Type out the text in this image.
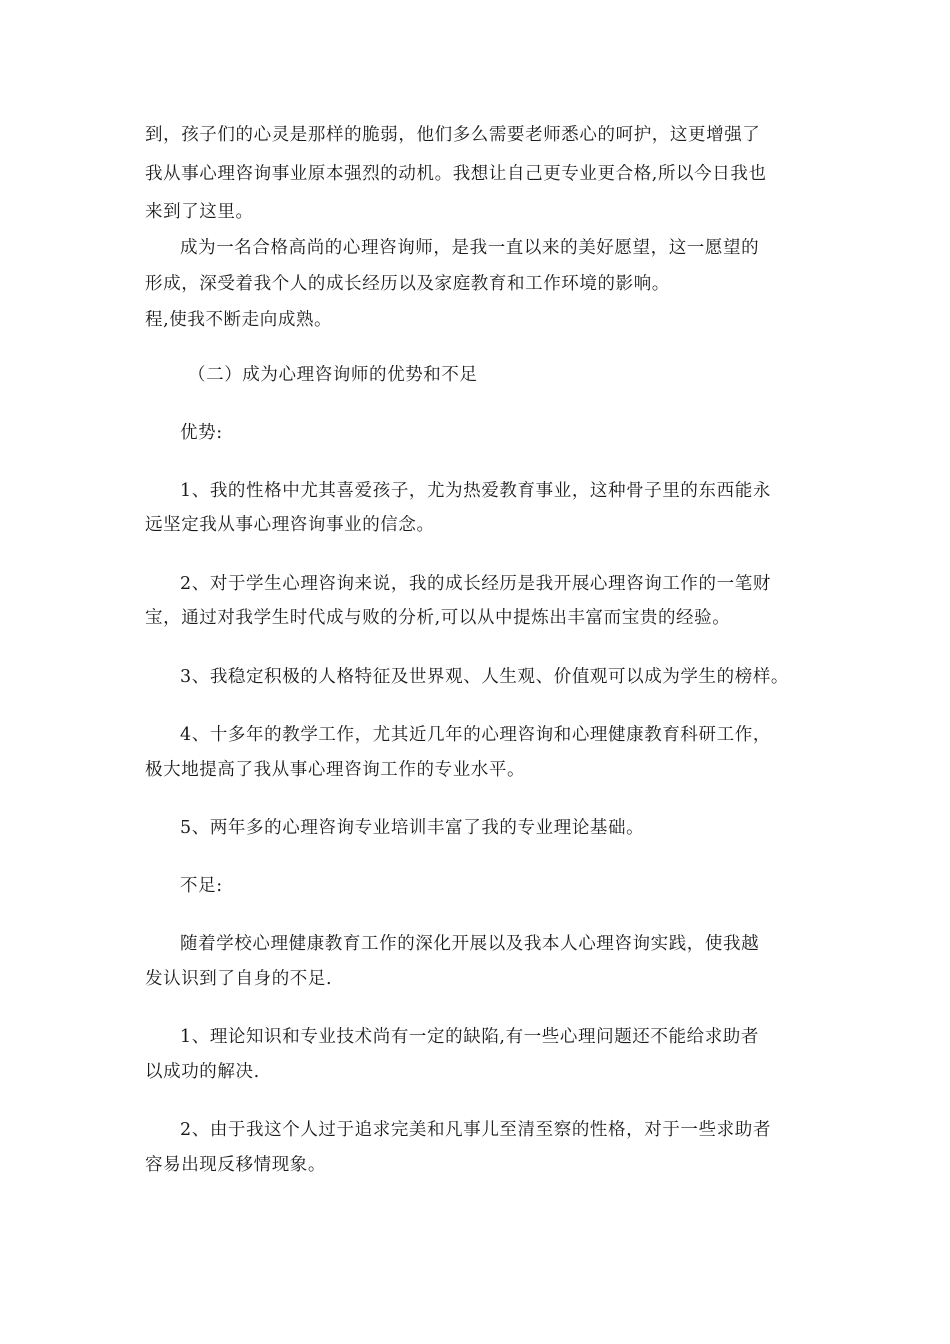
到，孩子们的心灵是那样的脆弱，他们多么需要老师悉心的呵护，这更增强了
我从事心理咨询事业原本强烈的动机。我想让自己更专业更合格,所以今日我也
来到了这里。
成为一名合格高尚的心理咨询师，是我一直以来的美好愿望，这一愿望的
形成，深受着我个人的成长经历以及家庭教育和工作环境的影响。
程,使我不断走向成熟。
（二）成为心理咨询师的优势和不足
优势:
1、我的性格中尤其喜爱孩子，尤为热爱教育事业，这种骨子里的东西能永
远坚定我从事心理咨询事业的信念。
2、对于学生心理咨询来说，我的成长经历是我开展心理咨询工作的一笔财
宝，通过对我学生时代成与败的分析,可以从中提炼出丰富而宝贵的经验。
3、我稳定积极的人格特征及世界观、人生观、价值观可以成为学生的榜样。
4、十多年的教学工作，尤其近几年的心理咨询和心理健康教育科研工作，
极大地提高了我从事心理咨询工作的专业水平。
5、两年多的心理咨询专业培训丰富了我的专业理论基础。
不足:
随着学校心理健康教育工作的深化开展以及我本人心理咨询实践，使我越
发认识到了自身的不足.
1、理论知识和专业技术尚有一定的缺陷,有一些心理问题还不能给求助者
以成功的解决.
2、由于我这个人过于追求完美和凡事儿至清至察的性格，对于一些求助者
容易出现反移情现象。
